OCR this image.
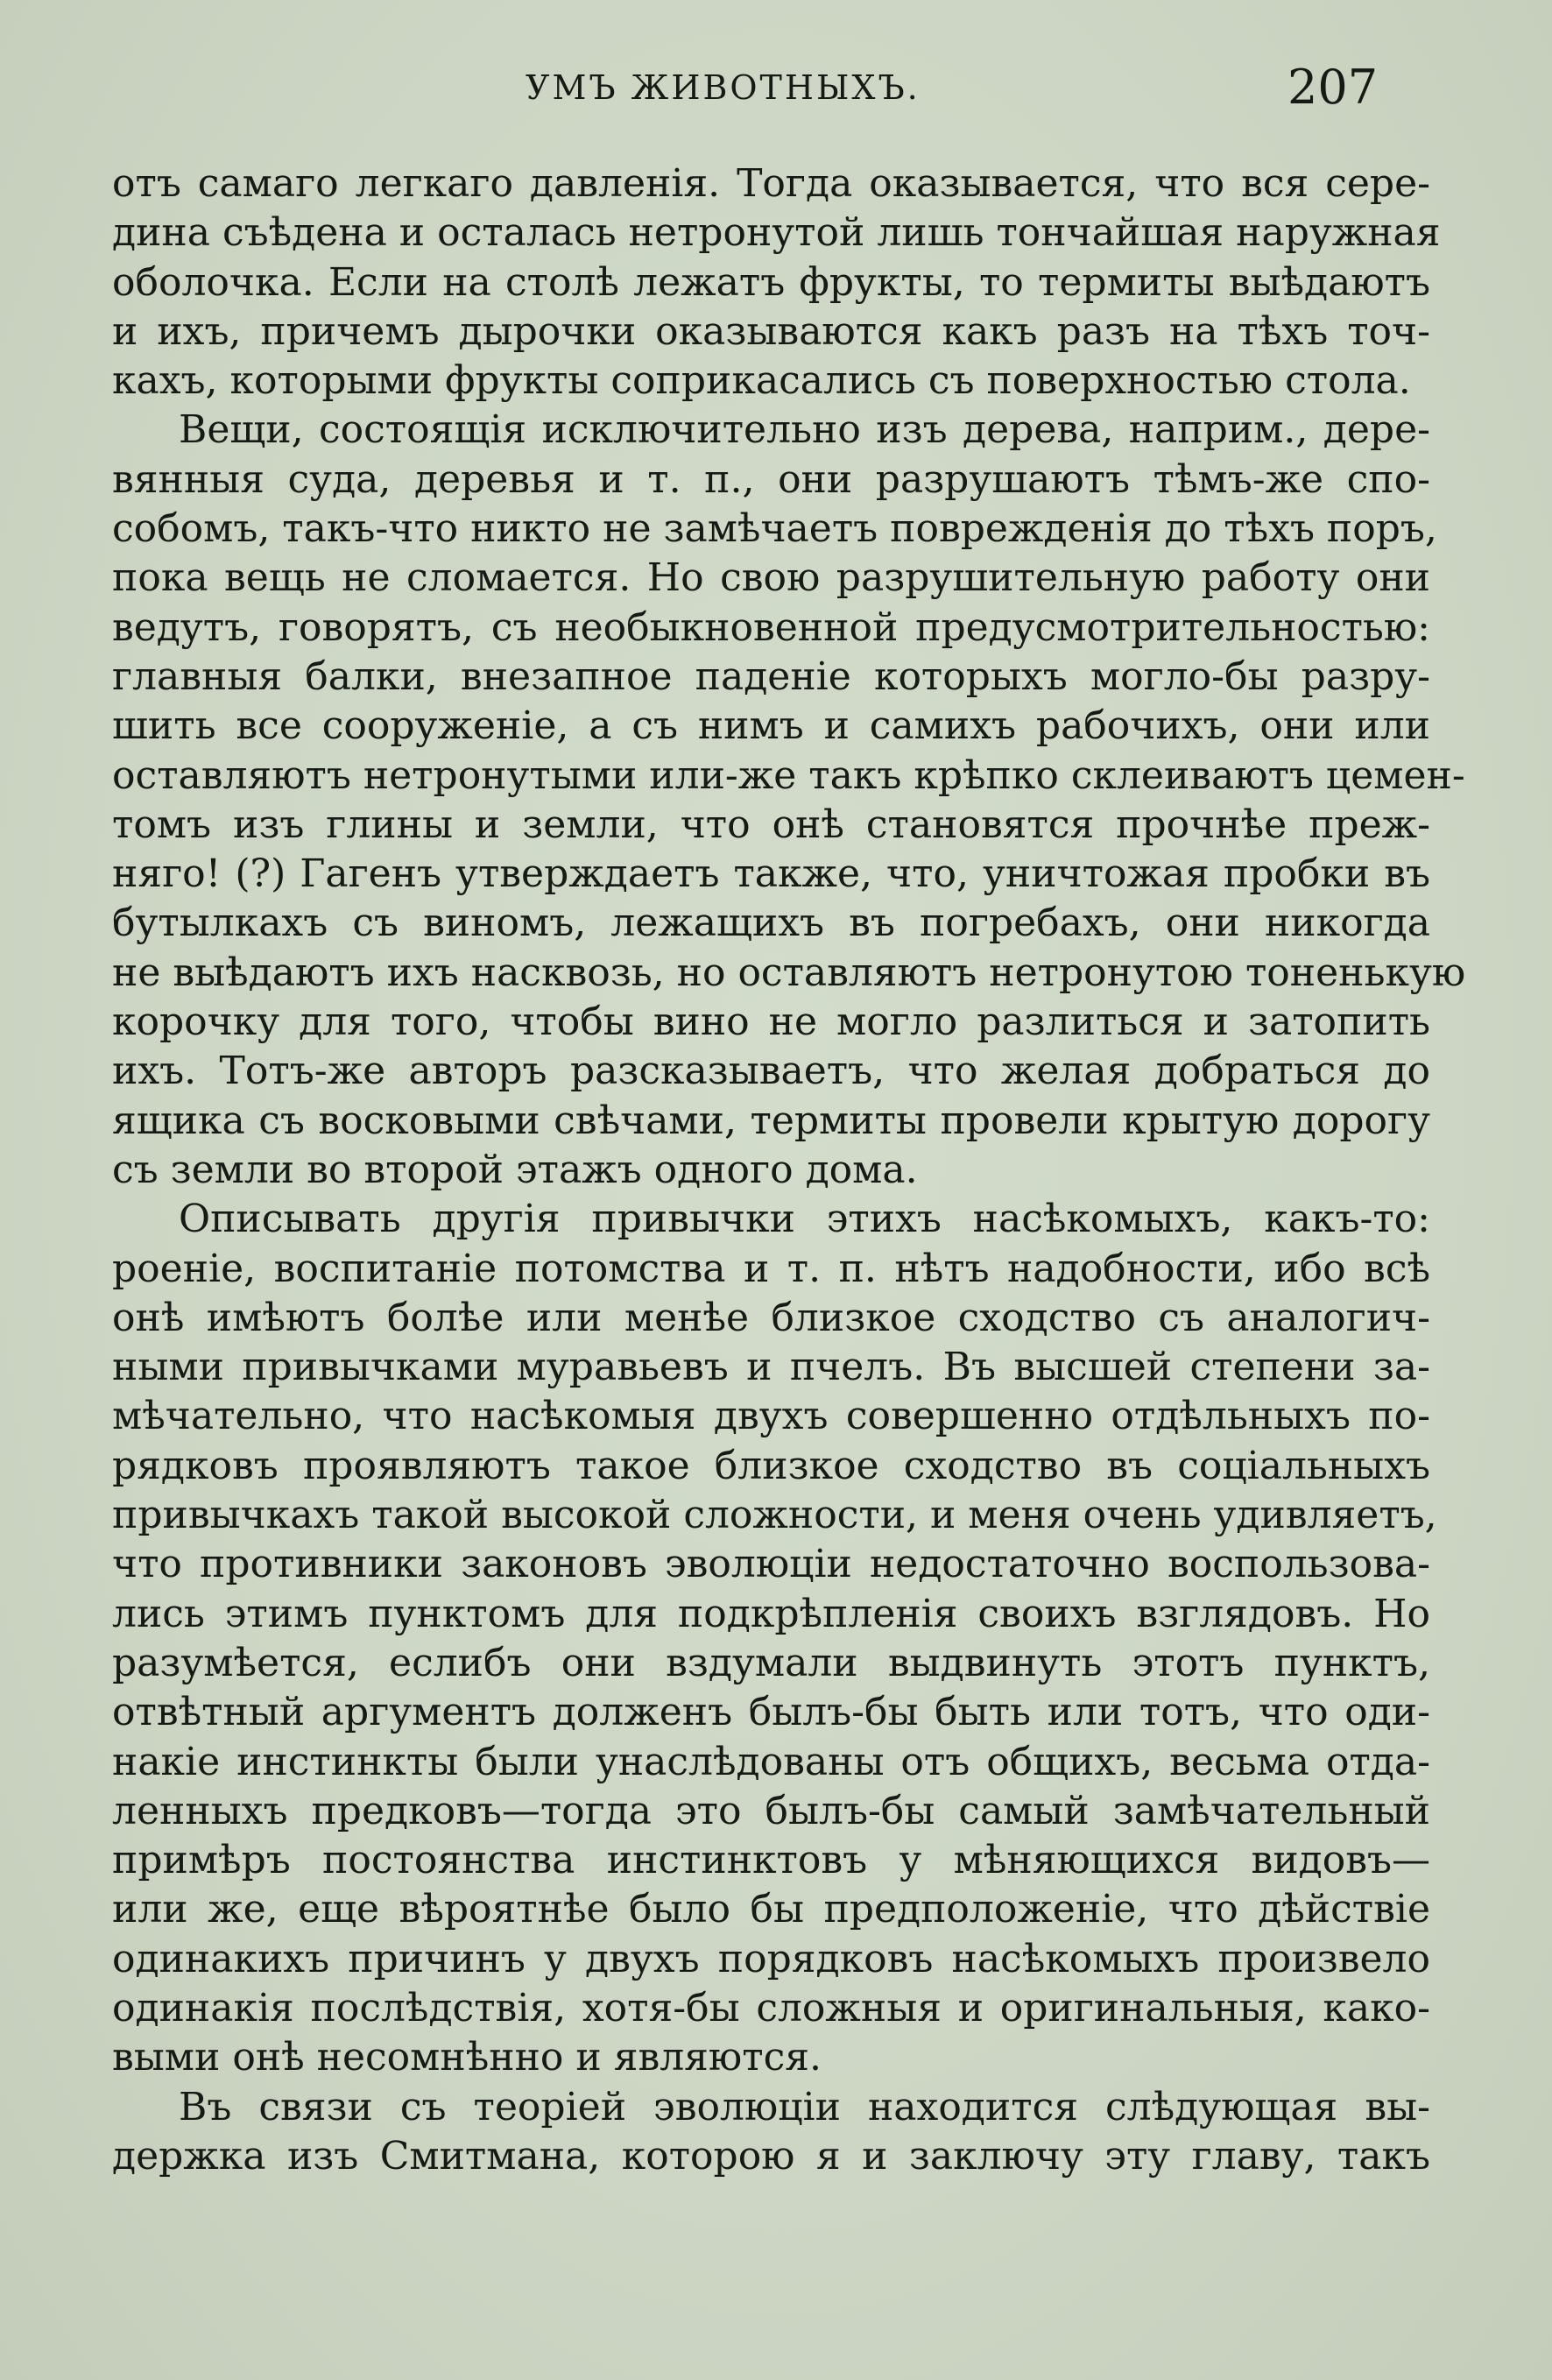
УМЪ ЖИВОТНЫХЪ.	207
отъ самаго легкаго давленія. Тогда оказывается, что вся сере-
дина съѣдена и осталась нетронутой лишь тончайшая наружная
оболочка. Если на столѣ лежатъ фрукты, то термиты выѣдаютъ
и ихъ, причемъ дырочки оказываются какъ разъ на тѣхъ точ-
кахъ, которыми фрукты соприкасались съ поверхностью стола.
Вещи, состоящія исключительно изъ дерева, наприм., дере-
вянныя суда, деревья и т. п., они разрушаютъ тѣмъ-же спо-
собомъ, такъ-что никто не замѣчаетъ поврежденія до тѣхъ поръ,
пока вещь не сломается. Но свою разрушительную работу они
ведутъ, говорятъ, съ необыкновенной предусмотрительностью:
главныя балки, внезапное паденіе которыхъ могло-бы разру-
шить все сооруженіе, а съ нимъ и самихъ рабочихъ, они или
оставляютъ нетронутыми или-же такъ крѣпко склеиваютъ цемен-
томъ изъ глины и земли, что онѣ становятся прочнѣе преж-
няго! (?) Гагенъ утверждаетъ также, что, уничтожая пробки въ
бутылкахъ съ виномъ, лежащихъ въ погребахъ, они никогда
не выѣдаютъ ихъ насквозь, но оставляютъ нетронутою тоненькую
корочку для того, чтобы вино не могло разлиться и затопить
ихъ. Тотъ-же авторъ разсказываетъ, что желая добраться до
ящика съ восковыми свѣчами, термиты провели крытую дорогу
съ земли во второй этажъ одного дома.
Описывать другія привычки этихъ насѣкомыхъ, какъ-то:
роеніе, воспитаніе потомства и т. п. нѣтъ надобности, ибо всѣ
онѣ имѣютъ болѣе или менѣе близкое сходство съ аналогич-
ными привычками муравьевъ и пчелъ. Въ высшей степени за-
мѣчательно, что насѣкомыя двухъ совершенно отдѣльныхъ по-
рядковъ проявляютъ такое близкое сходство въ соціальныхъ
привычкахъ такой высокой сложности, и меня очень удивляетъ,
что противники законовъ эволюціи недостаточно воспользова-
лись этимъ пунктомъ для подкрѣпленія своихъ взглядовъ. Но
разумѣется, еслибъ они вздумали выдвинуть этотъ пунктъ,
отвѣтный аргументъ долженъ былъ-бы быть или тотъ, что оди-
накіе инстинкты были унаслѣдованы отъ общихъ, весьма отда-
ленныхъ предковъ—тогда это былъ-бы самый замѣчательный
примѣръ постоянства инстинктовъ у мѣняющихся видовъ—
или же, еще вѣроятнѣе было бы предположеніе, что дѣйствіе
одинакихъ причинъ у двухъ порядковъ насѣкомыхъ произвело
одинакія послѣдствія, хотя-бы сложныя и оригинальныя, како-
выми онѣ несомнѣнно и являются.
Въ связи съ теоріей эволюціи находится слѣдующая вы-
держка изъ Смитмана, которою я и заключу эту главу, такъ
